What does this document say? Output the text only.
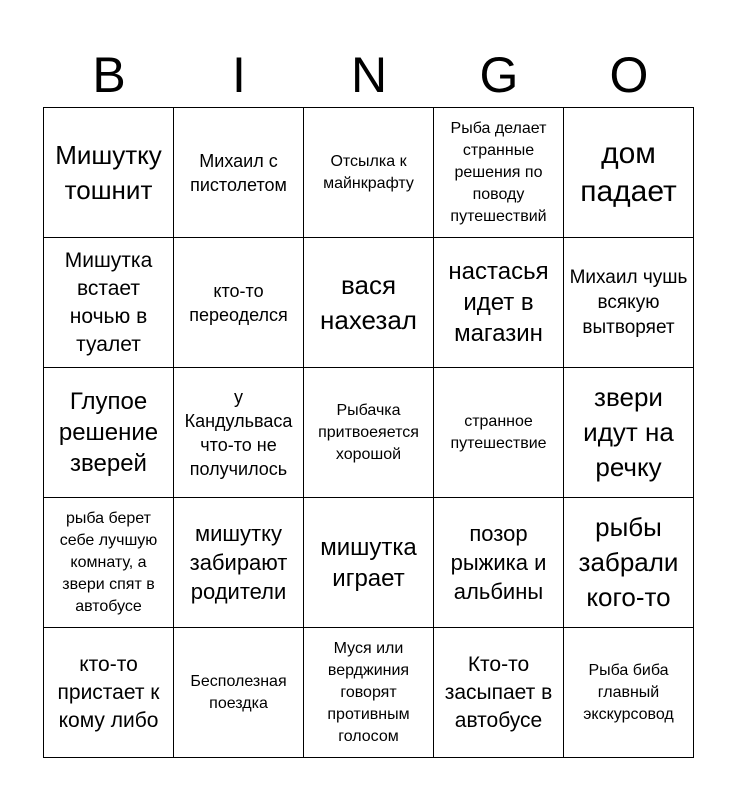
B	I	N	G	O
Мишутку тошнит	Михаил с пистолетом	Отсылка к майнкрафту	Рыба делает странные решения по поводу путешествий	дом падает
Мишутка встает ночью в туалет	кто-то переоделся	вася нахезал	настасья идет в магазин	Михаил чушь всякую вытворяет
Глупое решение зверей	у Кандульваса что-то не получилось	Рыбачка притвоеяется хорошой	странное путешествие	звери идут на речку
рыба берет себе лучшую комнату, а звери спят в автобусе	мишутку забирают родители	мишутка играет	позор рыжика и альбины	рыбы забрали кого-то
кто-то пристает к кому либо	Бесполезная поездка	Муся или верджиния говорят противным голосом	Кто-то засыпает в автобусе	Рыба биба главный экскурсовод
